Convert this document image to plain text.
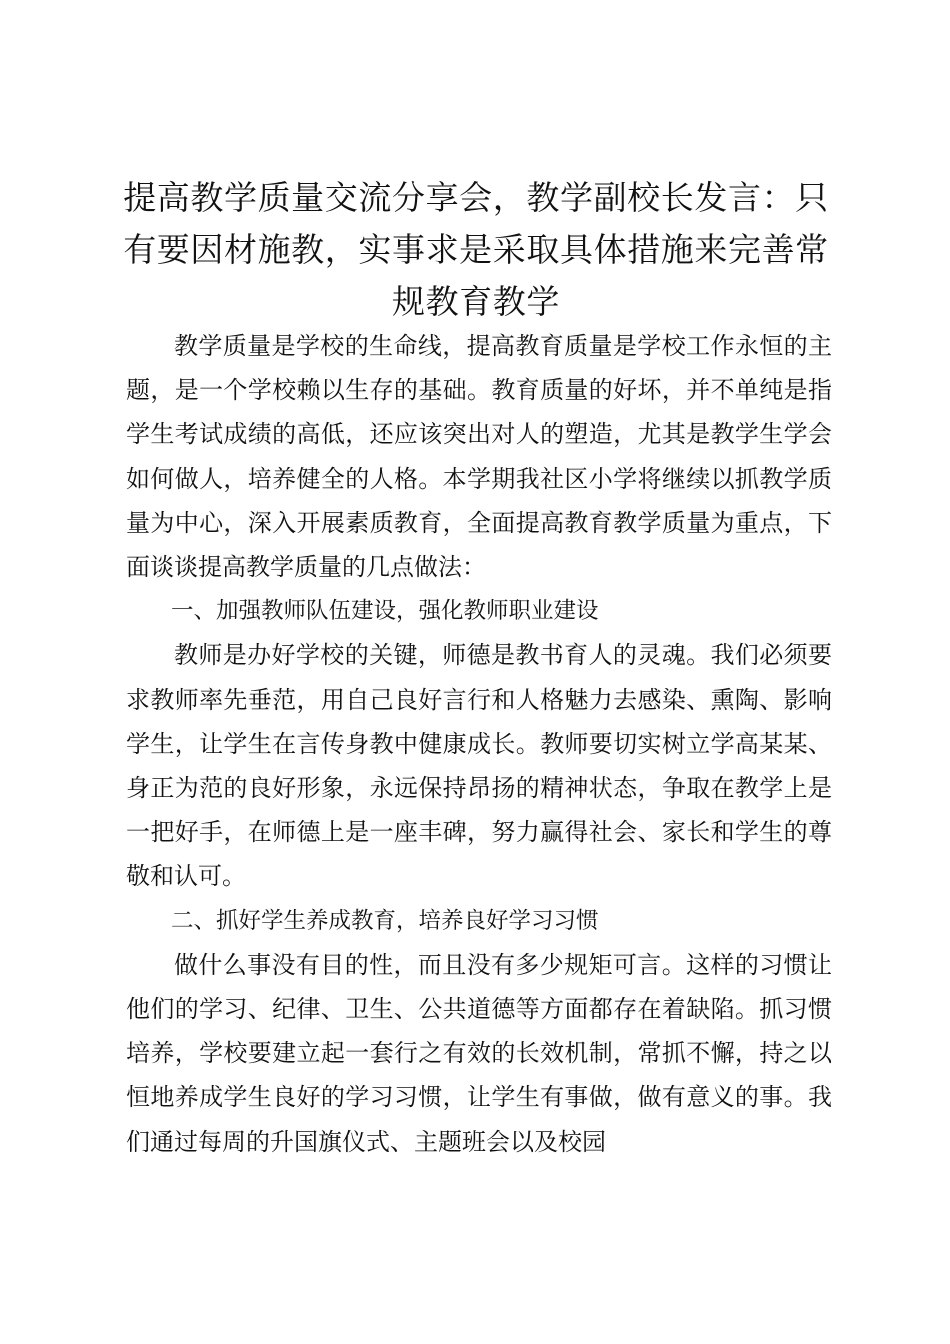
提高教学质量交流分享会，教学副校长发言：只有要因材施教，实事求是采取具体措施来完善常规教育教学

教学质量是学校的生命线，提高教育质量是学校工作永恒的主题，是一个学校赖以生存的基础。教育质量的好坏，并不单纯是指学生考试成绩的高低，还应该突出对人的塑造，尤其是教学生学会如何做人，培养健全的人格。本学期我社区小学将继续以抓教学质量为中心，深入开展素质教育，全面提高教育教学质量为重点，下面谈谈提高教学质量的几点做法：

一、加强教师队伍建设，强化教师职业建设

教师是办好学校的关键，师德是教书育人的灵魂。我们必须要求教师率先垂范，用自己良好言行和人格魅力去感染、熏陶、影响学生，让学生在言传身教中健康成长。教师要切实树立学高某某、身正为范的良好形象，永远保持昂扬的精神状态，争取在教学上是一把好手，在师德上是一座丰碑，努力赢得社会、家长和学生的尊敬和认可。

二、抓好学生养成教育，培养良好学习习惯

做什么事没有目的性，而且没有多少规矩可言。这样的习惯让他们的学习、纪律、卫生、公共道德等方面都存在着缺陷。抓习惯培养，学校要建立起一套行之有效的长效机制，常抓不懈，持之以恒地养成学生良好的学习习惯，让学生有事做，做有意义的事。我们通过每周的升国旗仪式、主题班会以及校园
